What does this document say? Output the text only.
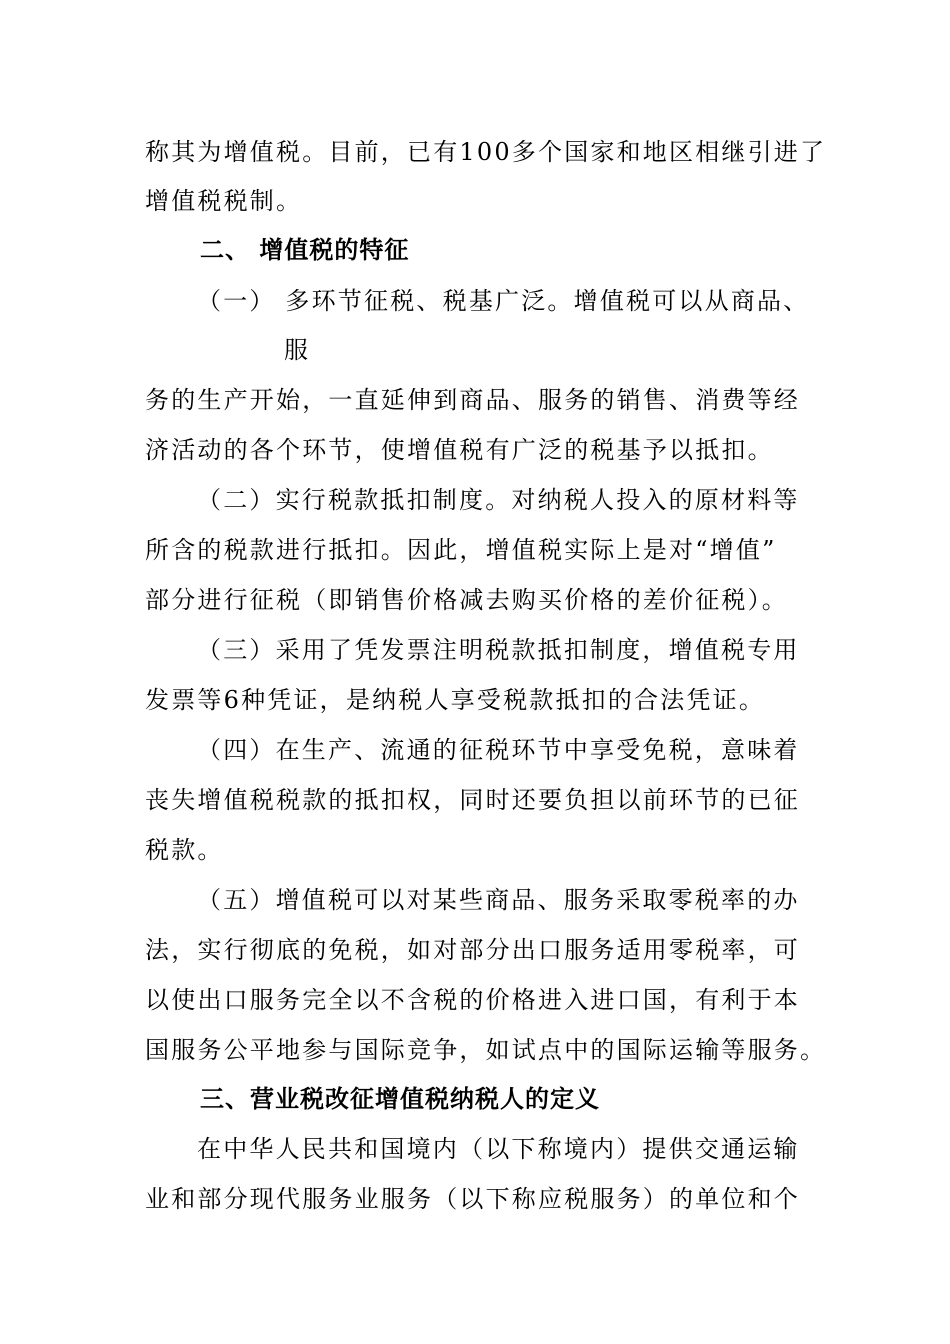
称其为增值税。目前，已有100多个国家和地区相继引进了
增值税税制。
二、 增值税的特征
（一） 多环节征税、税基广泛。增值税可以从商品、
服
务的生产开始，一直延伸到商品、服务的销售、消费等经
济活动的各个环节，使增值税有广泛的税基予以抵扣。
（二）实行税款抵扣制度。对纳税人投入的原材料等
所含的税款进行抵扣。因此，增值税实际上是对“增值”
部分进行征税（即销售价格减去购买价格的差价征税）。
（三）采用了凭发票注明税款抵扣制度，增值税专用
发票等6种凭证，是纳税人享受税款抵扣的合法凭证。
（四）在生产、流通的征税环节中享受免税，意味着
丧失增值税税款的抵扣权，同时还要负担以前环节的已征
税款。
（五）增值税可以对某些商品、服务采取零税率的办
法，实行彻底的免税，如对部分出口服务适用零税率，可
以使出口服务完全以不含税的价格进入进口国，有利于本
国服务公平地参与国际竞争，如试点中的国际运输等服务。
三、营业税改征增值税纳税人的定义
在中华人民共和国境内（以下称境内）提供交通运输
业和部分现代服务业服务（以下称应税服务）的单位和个
